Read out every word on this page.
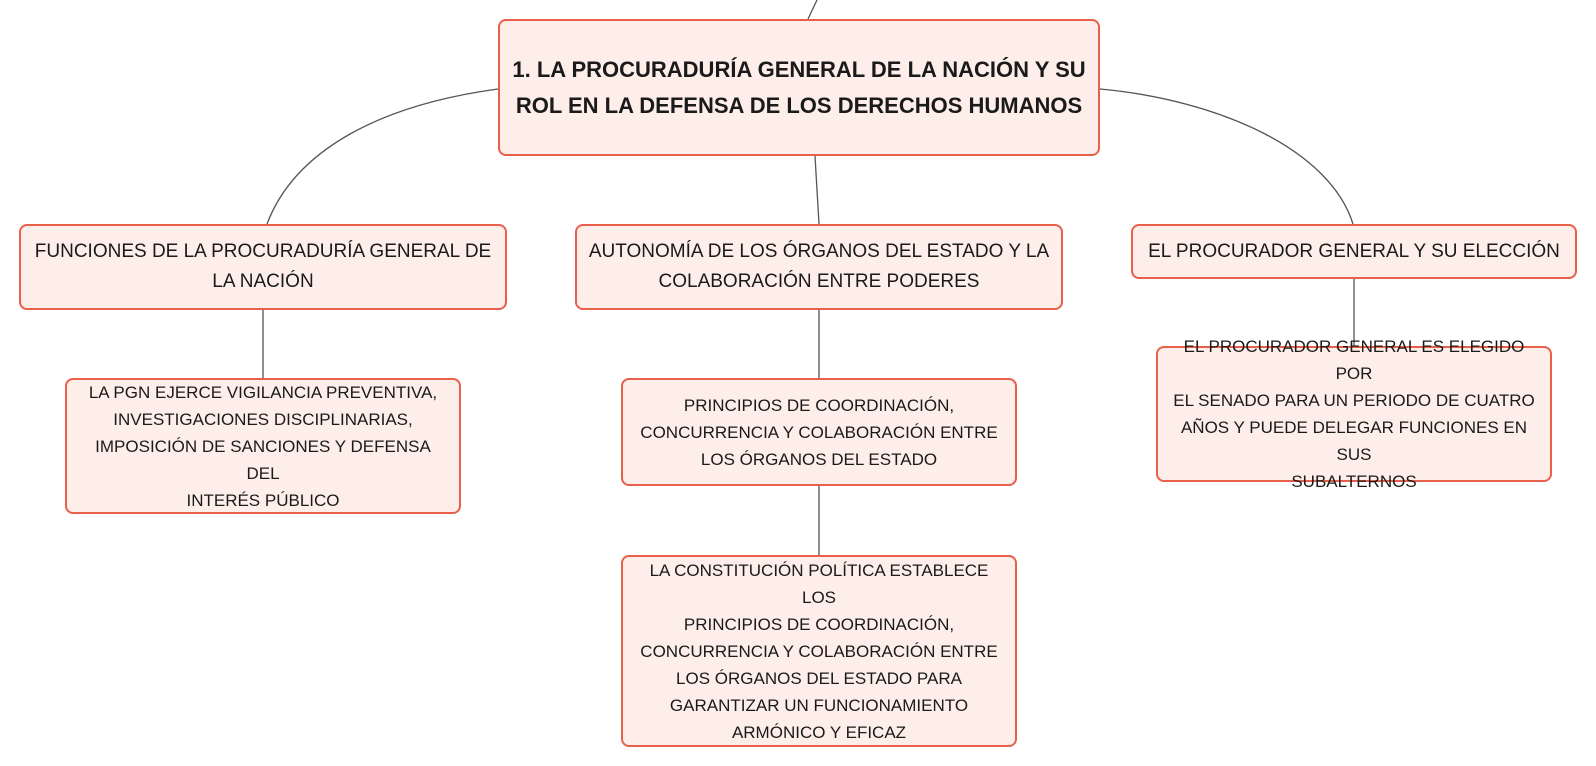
1. LA PROCURADURÍA GENERAL DE LA NACIÓN Y SU
ROL EN LA DEFENSA DE LOS DERECHOS HUMANOS
FUNCIONES DE LA PROCURADURÍA GENERAL DE
LA NACIÓN
AUTONOMÍA DE LOS ÓRGANOS DEL ESTADO Y LA
COLABORACIÓN ENTRE PODERES
EL PROCURADOR GENERAL Y SU ELECCIÓN
LA PGN EJERCE VIGILANCIA PREVENTIVA,
INVESTIGACIONES DISCIPLINARIAS,
IMPOSICIÓN DE SANCIONES Y DEFENSA DEL
INTERÉS PÚBLICO
PRINCIPIOS DE COORDINACIÓN,
CONCURRENCIA Y COLABORACIÓN ENTRE
LOS ÓRGANOS DEL ESTADO
LA CONSTITUCIÓN POLÍTICA ESTABLECE LOS
PRINCIPIOS DE COORDINACIÓN,
CONCURRENCIA Y COLABORACIÓN ENTRE
LOS ÓRGANOS DEL ESTADO PARA
GARANTIZAR UN FUNCIONAMIENTO
ARMÓNICO Y EFICAZ
EL PROCURADOR GENERAL ES ELEGIDO POR
EL SENADO PARA UN PERIODO DE CUATRO
AÑOS Y PUEDE DELEGAR FUNCIONES EN SUS
SUBALTERNOS
